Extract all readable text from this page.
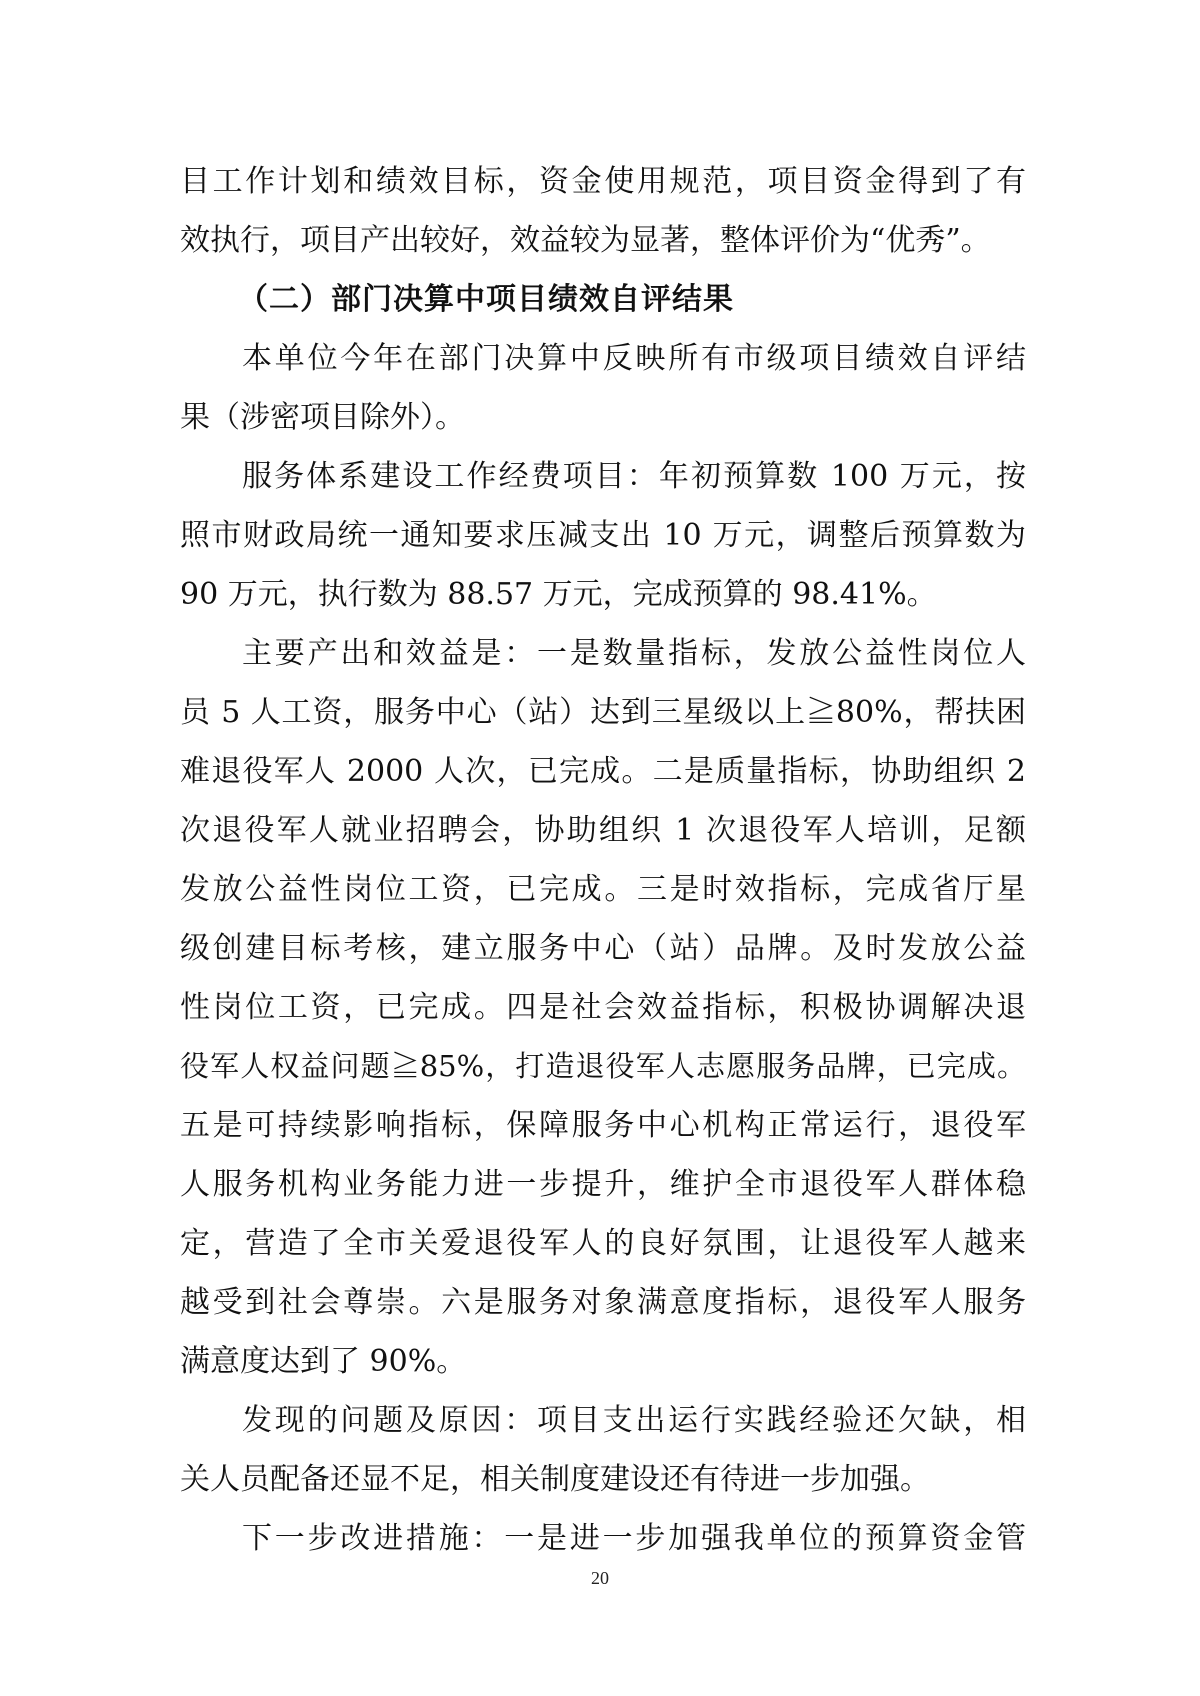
目工作计划和绩效目标，资金使用规范，项目资金得到了有
效执行，项目产出较好，效益较为显著，整体评价为“优秀”。
（二）部门决算中项目绩效自评结果
本单位今年在部门决算中反映所有市级项目绩效自评结
果（涉密项目除外）。
服务体系建设工作经费项目：年初预算数 100 万元，按
照市财政局统一通知要求压减支出 10 万元，调整后预算数为
90 万元，执行数为 88.57 万元，完成预算的 98.41%。
主要产出和效益是：一是数量指标，发放公益性岗位人
员 5 人工资，服务中心（站）达到三星级以上≧80%，帮扶困
难退役军人 2000 人次，已完成。二是质量指标，协助组织 2
次退役军人就业招聘会，协助组织 1 次退役军人培训，足额
发放公益性岗位工资，已完成。三是时效指标，完成省厅星
级创建目标考核，建立服务中心（站）品牌。及时发放公益
性岗位工资，已完成。四是社会效益指标，积极协调解决退
役军人权益问题≧85%，打造退役军人志愿服务品牌，已完成。
五是可持续影响指标，保障服务中心机构正常运行，退役军
人服务机构业务能力进一步提升，维护全市退役军人群体稳
定，营造了全市关爱退役军人的良好氛围，让退役军人越来
越受到社会尊崇。六是服务对象满意度指标，退役军人服务
满意度达到了 90%。
发现的问题及原因：项目支出运行实践经验还欠缺，相
关人员配备还显不足，相关制度建设还有待进一步加强。
下一步改进措施：一是进一步加强我单位的预算资金管
20
